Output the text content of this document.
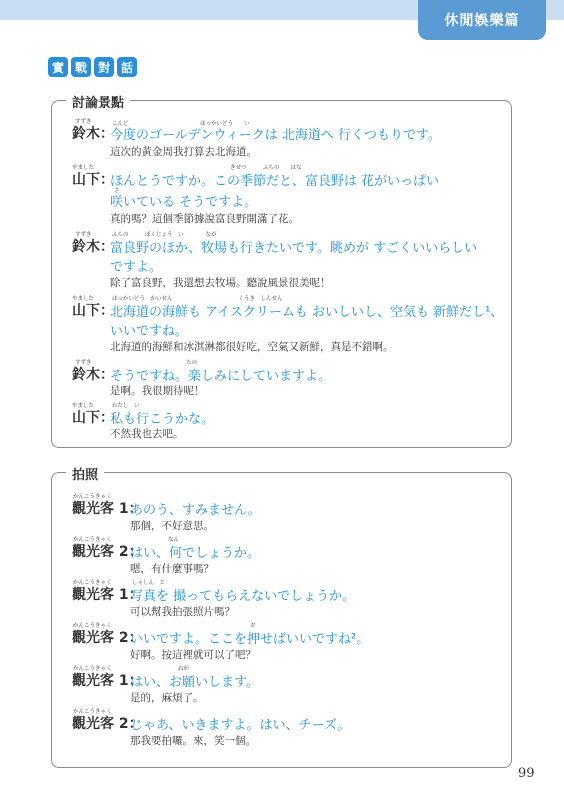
休閒娛樂篇
實 戰 對 話
討論景點
すずき	こんど　　　　　　　　　　　　　ほっかいどう　　い
鈴木：
今度のゴールデンウィークは 北海道へ 行くつもりです。
這次的黃金周我打算去北海道。
やました	きせつ　　　ふらの　　はな
山下：
ほんとうですか。この季節だと、富良野は 花がいっぱい
さ
咲いている そうですよ。
真的嗎？這個季節據說富良野開滿了花。
すずき	ふらの　　　ぼくじょう　い　　　　なが
鈴木：
富良野のほか、牧場も行きたいです。眺めが すごくいいらしい
ですよ。
除了富良野，我還想去牧場。聽說風景很美呢！
やました	ほっかいどう　かいせん　　　　　　　　　　　　くうき　しんせん
山下：
北海道の海鮮も アイスクリームも おいしいし、空気も 新鮮だし¹、
いいですね。
北海道的海鮮和冰淇淋都很好吃，空氣又新鮮，真是不錯啊。
すずき	たの
鈴木：
そうですね。楽しみにしていますよ。
是啊。我很期待呢！
やました	わたし　い
山下：
私も行こうかな。
不然我也去吧。
拍照
かんこうきゃく
觀光客 1：
あのう、すみません。
那個，不好意思。
かんこうきゃく	なん
觀光客 2：
はい、何でしょうか。
嗯，有什麼事嗎？
かんこうきゃく	しゃしん　と
觀光客 1：
写真を 撮ってもらえないでしょうか。
可以幫我拍張照片嗎？
かんこうきゃく	お
觀光客 2：
いいですよ。ここを押せばいいですね²。
好啊。按這裡就可以了吧？
かんこうきゃく	ねが
觀光客 1：
はい、お願いします。
是的，麻煩了。
かんこうきゃく
觀光客 2：
じゃあ、いきますよ。はい、チーズ。
那我要拍囉。來，笑一個。
99
